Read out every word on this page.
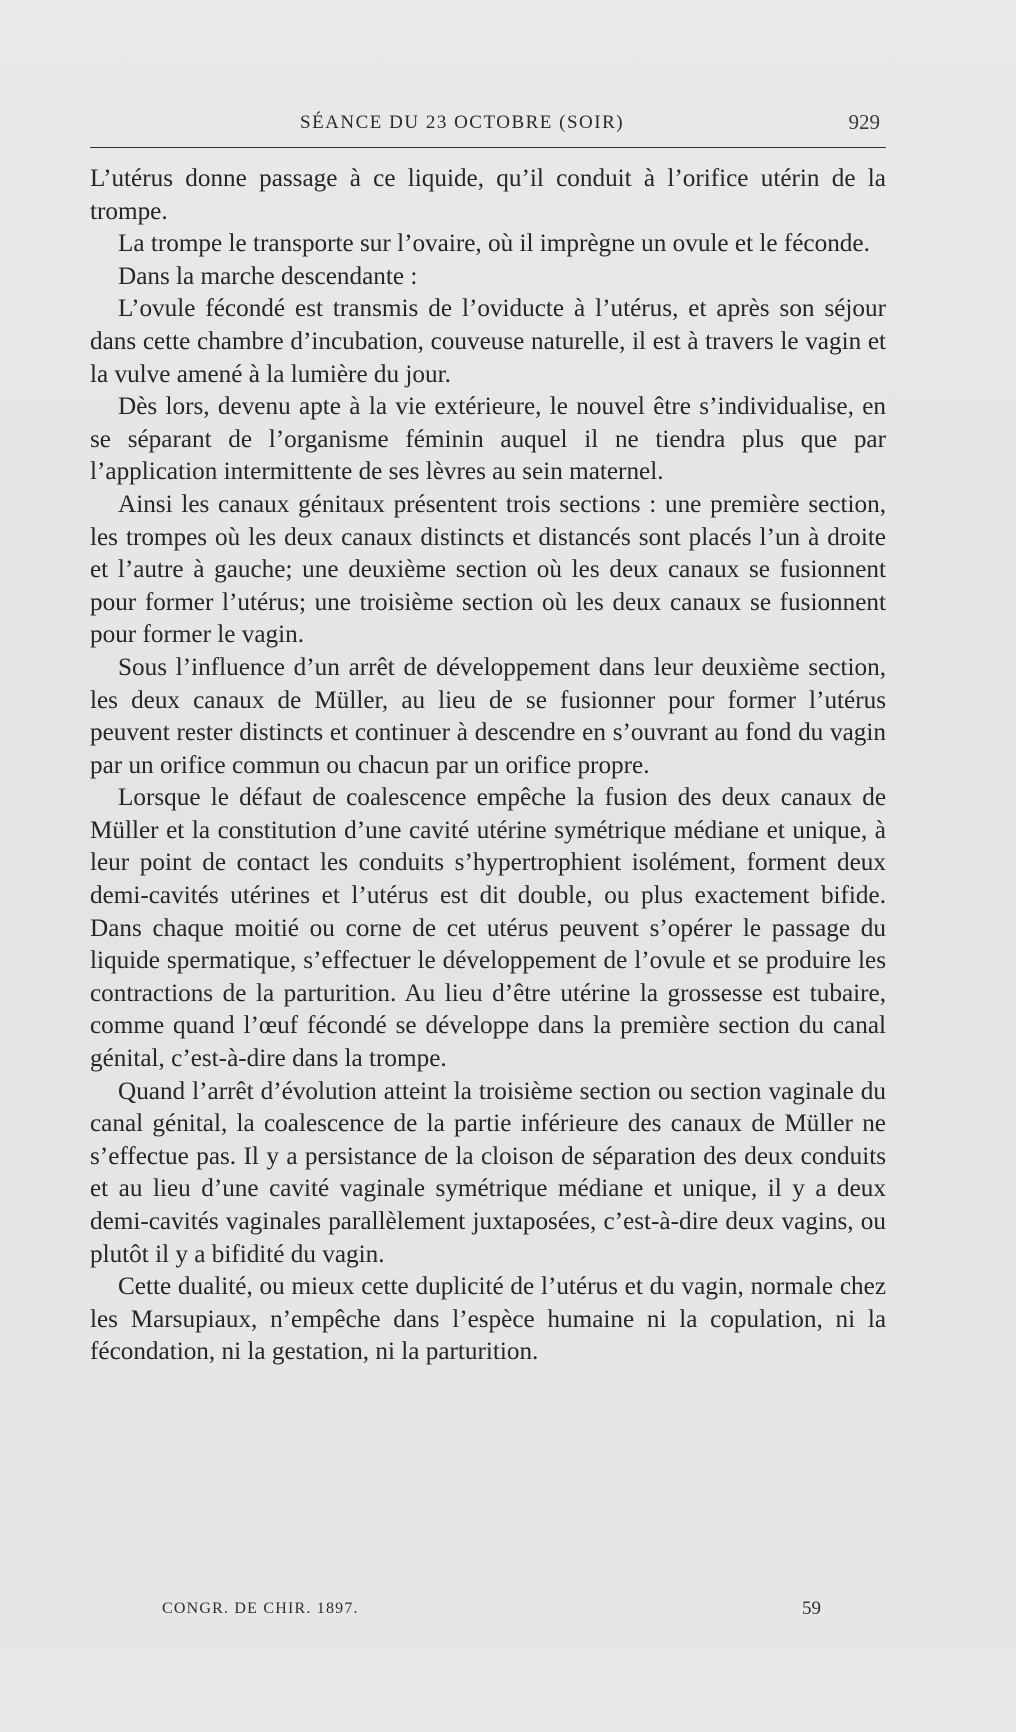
SÉANCE DU 23 OCTOBRE (SOIR)	929

L’utérus donne passage à ce liquide, qu’il conduit à l’orifice utérin de la trompe.

La trompe le transporte sur l’ovaire, où il imprègne un ovule et le féconde.

Dans la marche descendante :

L’ovule fécondé est transmis de l’oviducte à l’utérus, et après son séjour dans cette chambre d’incubation, couveuse naturelle, il est à travers le vagin et la vulve amené à la lumière du jour.

Dès lors, devenu apte à la vie extérieure, le nouvel être s’individualise, en se séparant de l’organisme féminin auquel il ne tiendra plus que par l’application intermittente de ses lèvres au sein maternel.

Ainsi les canaux génitaux présentent trois sections : une première section, les trompes où les deux canaux distincts et distancés sont placés l’un à droite et l’autre à gauche; une deuxième section où les deux canaux se fusionnent pour former l’utérus; une troisième section où les deux canaux se fusionnent pour former le vagin.

Sous l’influence d’un arrêt de développement dans leur deuxième section, les deux canaux de Müller, au lieu de se fusionner pour former l’utérus peuvent rester distincts et continuer à descendre en s’ouvrant au fond du vagin par un orifice commun ou chacun par un orifice propre.

Lorsque le défaut de coalescence empêche la fusion des deux canaux de Müller et la constitution d’une cavité utérine symétrique médiane et unique, à leur point de contact les conduits s’hypertrophient isolément, forment deux demi-cavités utérines et l’utérus est dit double, ou plus exactement bifide. Dans chaque moitié ou corne de cet utérus peuvent s’opérer le passage du liquide spermatique, s’effectuer le développement de l’ovule et se produire les contractions de la parturition. Au lieu d’être utérine la grossesse est tubaire, comme quand l’œuf fécondé se développe dans la première section du canal génital, c’est-à-dire dans la trompe.

Quand l’arrêt d’évolution atteint la troisième section ou section vaginale du canal génital, la coalescence de la partie inférieure des canaux de Müller ne s’effectue pas. Il y a persistance de la cloison de séparation des deux conduits et au lieu d’une cavité vaginale symétrique médiane et unique, il y a deux demi-cavités vaginales parallèlement juxtaposées, c’est-à-dire deux vagins, ou plutôt il y a bifidité du vagin.

Cette dualité, ou mieux cette duplicité de l’utérus et du vagin, normale chez les Marsupiaux, n’empêche dans l’espèce humaine ni la copulation, ni la fécondation, ni la gestation, ni la parturition.

CONGR. DE CHIR. 1897.	59
